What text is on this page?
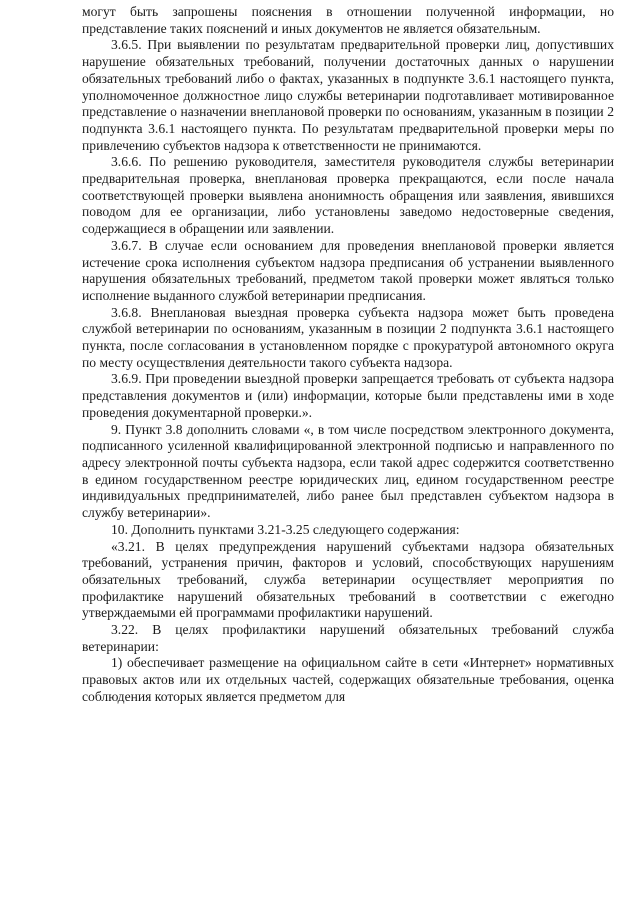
могут быть запрошены пояснения в отношении полученной информации, но представление таких пояснений и иных документов не является обязательным.

3.6.5. При выявлении по результатам предварительной проверки лиц, допустивших нарушение обязательных требований, получении достаточных данных о нарушении обязательных требований либо о фактах, указанных в подпункте 3.6.1 настоящего пункта, уполномоченное должностное лицо службы ветеринарии подготавливает мотивированное представление о назначении внеплановой проверки по основаниям, указанным в позиции 2 подпункта 3.6.1 настоящего пункта. По результатам предварительной проверки меры по привлечению субъектов надзора к ответственности не принимаются.

3.6.6. По решению руководителя, заместителя руководителя службы ветеринарии предварительная проверка, внеплановая проверка прекращаются, если после начала соответствующей проверки выявлена анонимность обращения или заявления, явившихся поводом для ее организации, либо установлены заведомо недостоверные сведения, содержащиеся в обращении или заявлении.

3.6.7. В случае если основанием для проведения внеплановой проверки является истечение срока исполнения субъектом надзора предписания об устранении выявленного нарушения обязательных требований, предметом такой проверки может являться только исполнение выданного службой ветеринарии предписания.

3.6.8. Внеплановая выездная проверка субъекта надзора может быть проведена службой ветеринарии по основаниям, указанным в позиции 2 подпункта 3.6.1 настоящего пункта, после согласования в установленном порядке с прокуратурой автономного округа по месту осуществления деятельности такого субъекта надзора.

3.6.9. При проведении выездной проверки запрещается требовать от субъекта надзора представления документов и (или) информации, которые были представлены ими в ходе проведения документарной проверки.».

9. Пункт 3.8 дополнить словами «, в том числе посредством электронного документа, подписанного усиленной квалифицированной электронной подписью и направленного по адресу электронной почты субъекта надзора, если такой адрес содержится соответственно в едином государственном реестре юридических лиц, едином государственном реестре индивидуальных предпринимателей, либо ранее был представлен субъектом надзора в службу ветеринарии».

10. Дополнить пунктами 3.21-3.25 следующего содержания:

«3.21. В целях предупреждения нарушений субъектами надзора обязательных требований, устранения причин, факторов и условий, способствующих нарушениям обязательных требований, служба ветеринарии осуществляет мероприятия по профилактике нарушений обязательных требований в соответствии с ежегодно утверждаемыми ей программами профилактики нарушений.

3.22. В целях профилактики нарушений обязательных требований служба ветеринарии:

1) обеспечивает размещение на официальном сайте в сети «Интернет» нормативных правовых актов или их отдельных частей, содержащих обязательные требования, оценка соблюдения которых является предметом для
